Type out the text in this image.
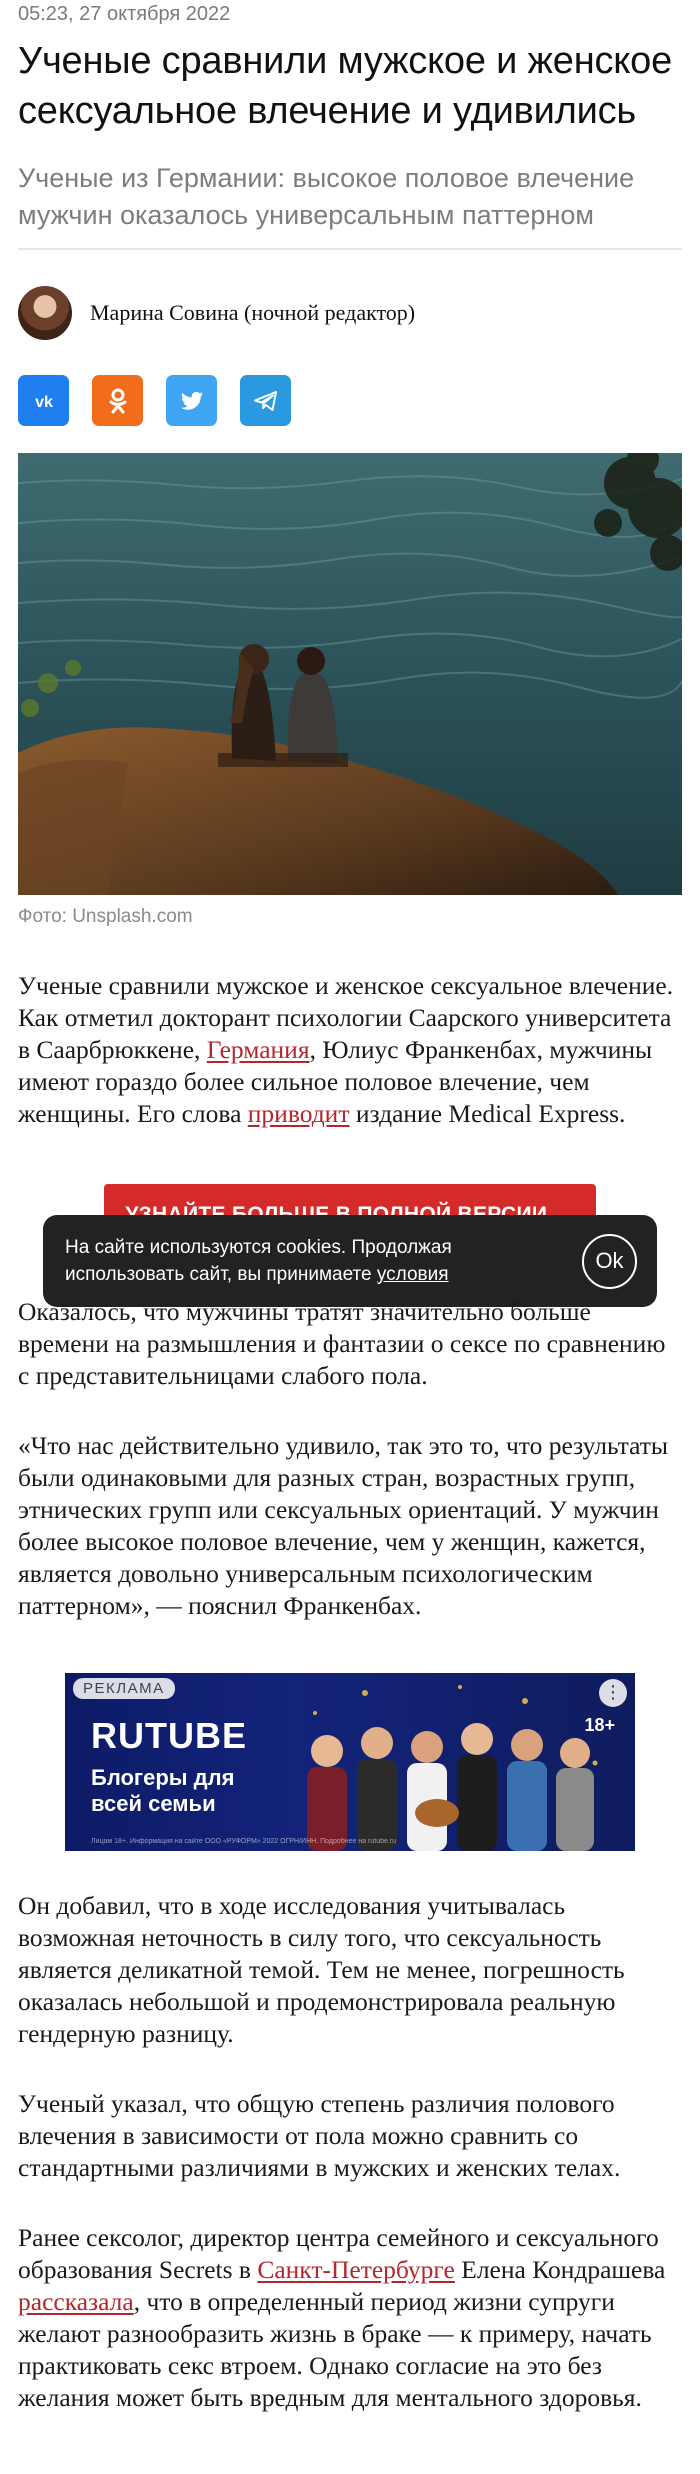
05:23, 27 октября 2022
Ученые сравнили мужское и женское сексуальное влечение и удивились
Ученые из Германии: высокое половое влечение мужчин оказалось универсальным паттерном
Марина Совина (ночной редактор)
vk
Фото: Unsplash.com

Ученые сравнили мужское и женское сексуальное влечение. Как отметил докторант психологии Саарского университета в Саарбрюккене, Германия, Юлиус Франкенбах, мужчины имеют гораздо более сильное половое влечение, чем женщины. Его слова приводит издание Medical Express.

На сайте используются cookies. Продолжая использовать сайт, вы принимаете условия
Ok

Оказалось, что мужчины тратят значительно больше времени на размышления и фантазии о сексе по сравнению с представительницами слабого пола.

«Что нас действительно удивило, так это то, что результаты были одинаковыми для разных стран, возрастных групп, этнических групп или сексуальных ориентаций. У мужчин более высокое половое влечение, чем у женщин, кажется, является довольно универсальным психологическим паттерном», — пояснил Франкенбах.

РЕКЛАМА
RUTUBE
Блогеры для всей семьи
18+
⋮
Лицам 18+. Информация на сайте ООО «РУФОРМ» 2022 ОГРН/ИНН. Подробнее на rutube.ru

Он добавил, что в ходе исследования учитывалась возможная неточность в силу того, что сексуальность является деликатной темой. Тем не менее, погрешность оказалась небольшой и продемонстрировала реальную гендерную разницу.

Ученый указал, что общую степень различия полового влечения в зависимости от пола можно сравнить со стандартными различиями в мужских и женских телах.

Ранее сексолог, директор центра семейного и сексуального образования Secrets в Санкт-Петербурге Елена Кондрашева рассказала, что в определенный период жизни супруги желают разнообразить жизнь в браке — к примеру, начать практиковать секс втроем. Однако согласие на это без желания может быть вредным для ментального здоровья.
